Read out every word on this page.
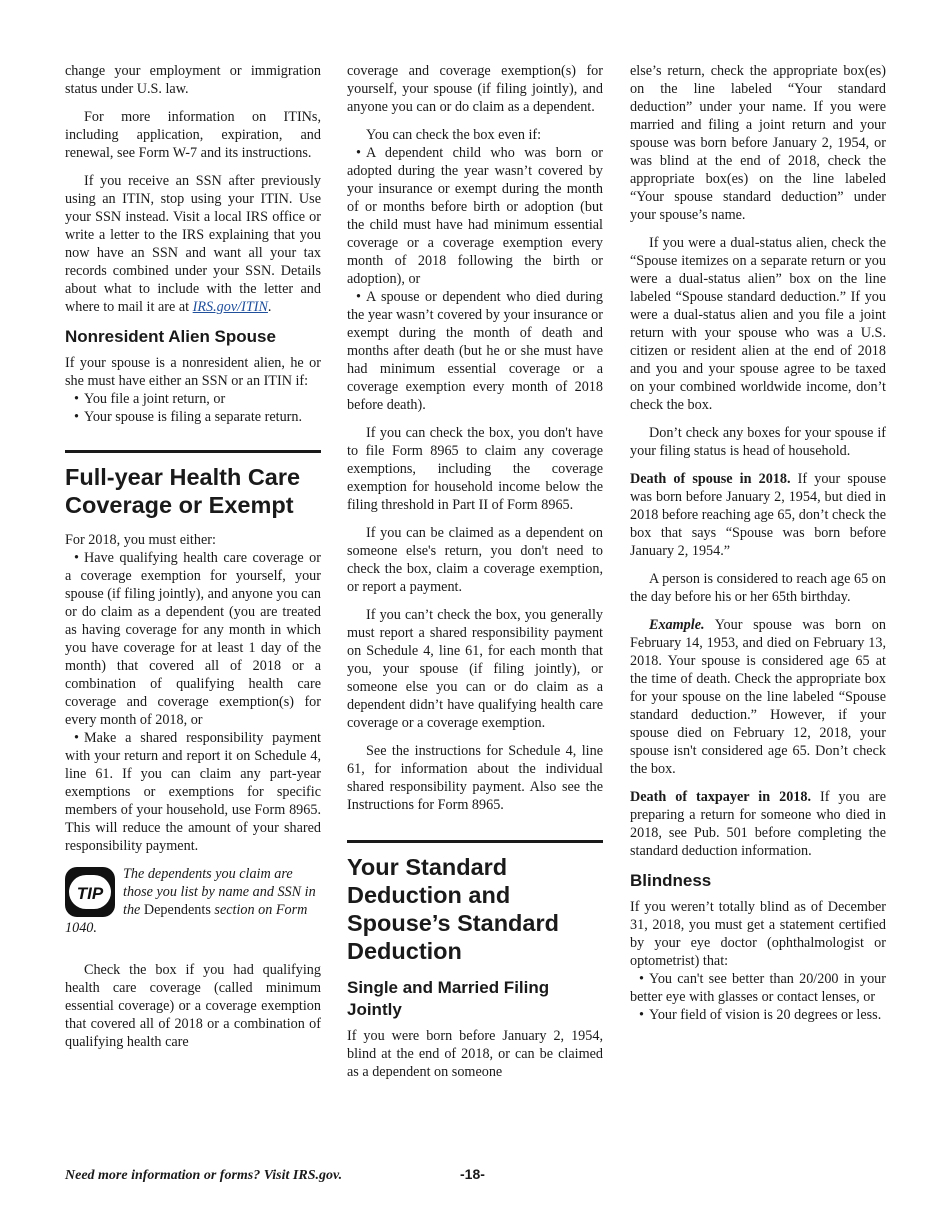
change your employment or immigration status under U.S. law.

For more information on ITINs, including application, expiration, and renewal, see Form W-7 and its instructions.

If you receive an SSN after previously using an ITIN, stop using your ITIN. Use your SSN instead. Visit a local IRS office or write a letter to the IRS explaining that you now have an SSN and want all your tax records combined under your SSN. Details about what to include with the letter and where to mail it are at IRS.gov/ITIN.

Nonresident Alien Spouse

If your spouse is a nonresident alien, he or she must have either an SSN or an ITIN if:

• You file a joint return, or

• Your spouse is filing a separate return.

Full-year Health Care Coverage or Exempt

For 2018, you must either:

• Have qualifying health care coverage or a coverage exemption for yourself, your spouse (if filing jointly), and anyone you can or do claim as a dependent (you are treated as having coverage for any month in which you have coverage for at least 1 day of the month) that covered all of 2018 or a combination of qualifying health care coverage and coverage exemption(s) for every month of 2018, or

• Make a shared responsibility payment with your return and report it on Schedule 4, line 61. If you can claim any part-year exemptions or exemptions for specific members of your household, use Form 8965. This will reduce the amount of your shared responsibility payment.

TIP
The dependents you claim are those you list by name and SSN in the Dependents section on Form 1040.

Check the box if you had qualifying health care coverage (called minimum essential coverage) or a coverage exemption that covered all of 2018 or a combination of qualifying health care

coverage and coverage exemption(s) for yourself, your spouse (if filing jointly), and anyone you can or do claim as a dependent.

You can check the box even if:

• A dependent child who was born or adopted during the year wasn’t covered by your insurance or exempt during the month of or months before birth or adoption (but the child must have had minimum essential coverage or a coverage exemption every month of 2018 following the birth or adoption), or

• A spouse or dependent who died during the year wasn’t covered by your insurance or exempt during the month of death and months after death (but he or she must have had minimum essential coverage or a coverage exemption every month of 2018 before death).

If you can check the box, you don't have to file Form 8965 to claim any coverage exemptions, including the coverage exemption for household income below the filing threshold in Part II of Form 8965.

If you can be claimed as a dependent on someone else's return, you don't need to check the box, claim a coverage exemption, or report a payment.

If you can’t check the box, you generally must report a shared responsibility payment on Schedule 4, line 61, for each month that you, your spouse (if filing jointly), or someone else you can or do claim as a dependent didn’t have qualifying health care coverage or a coverage exemption.

See the instructions for Schedule 4, line 61, for information about the individual shared responsibility payment. Also see the Instructions for Form 8965.

Your Standard Deduction and Spouse’s Standard Deduction
Single and Married Filing Jointly

If you were born before January 2, 1954, blind at the end of 2018, or can be claimed as a dependent on someone

else’s return, check the appropriate box(es) on the line labeled “Your standard deduction” under your name. If you were married and filing a joint return and your spouse was born before January 2, 1954, or was blind at the end of 2018, check the appropriate box(es) on the line labeled “Your spouse standard deduction” under your spouse’s name.

If you were a dual-status alien, check the “Spouse itemizes on a separate return or you were a dual-status alien” box on the line labeled “Spouse standard deduction.” If you were a dual-status alien and you file a joint return with your spouse who was a U.S. citizen or resident alien at the end of 2018 and you and your spouse agree to be taxed on your combined worldwide income, don’t check the box.

Don’t check any boxes for your spouse if your filing status is head of household.

Death of spouse in 2018. If your spouse was born before January 2, 1954, but died in 2018 before reaching age 65, don’t check the box that says “Spouse was born before January 2, 1954.”

A person is considered to reach age 65 on the day before his or her 65th birthday.

Example. Your spouse was born on February 14, 1953, and died on February 13, 2018. Your spouse is considered age 65 at the time of death. Check the appropriate box for your spouse on the line labeled “Spouse standard deduction.” However, if your spouse died on February 12, 2018, your spouse isn't considered age 65. Don’t check the box.

Death of taxpayer in 2018. If you are preparing a return for someone who died in 2018, see Pub. 501 before completing the standard deduction information.

Blindness

If you weren’t totally blind as of December 31, 2018, you must get a statement certified by your eye doctor (ophthalmologist or optometrist) that:

• You can't see better than 20/200 in your better eye with glasses or contact lenses, or

• Your field of vision is 20 degrees or less.

Need more information or forms? Visit IRS.gov.	-18-
